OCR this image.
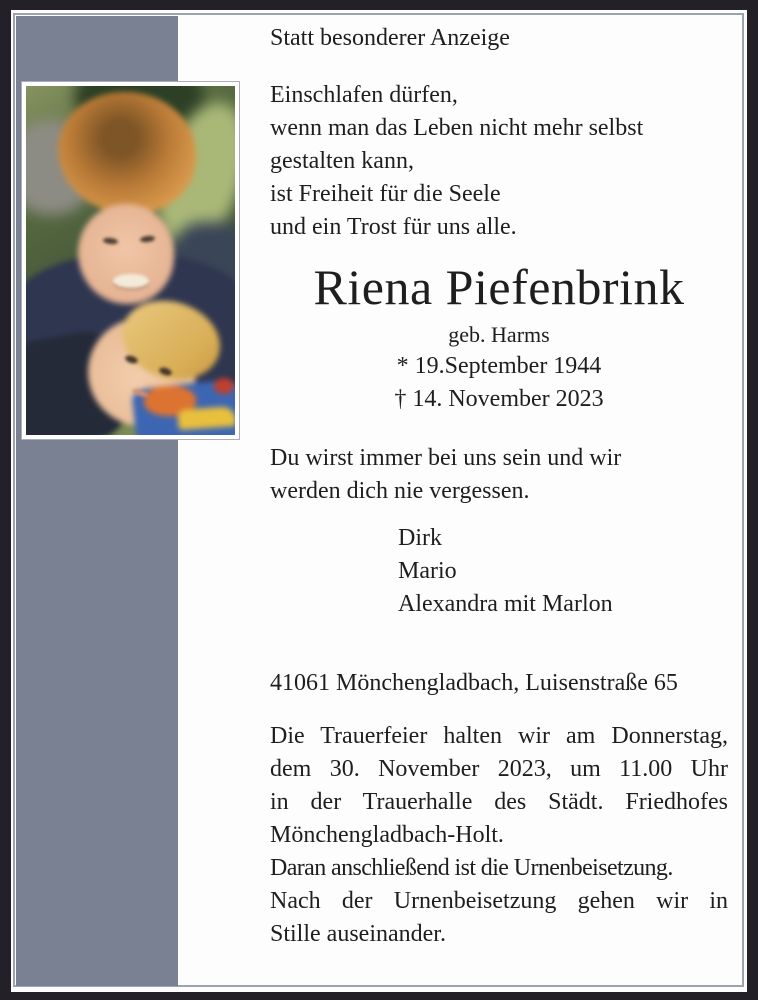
Statt besonderer Anzeige
Einschlafen dürfen,
wenn man das Leben nicht mehr selbst
gestalten kann,
ist Freiheit für die Seele
und ein Trost für uns alle.
Riena Piefenbrink
geb. Harms
* 19.September 1944
† 14. November 2023
Du wirst immer bei uns sein und wir
werden dich nie vergessen.
Dirk
Mario
Alexandra mit Marlon
41061 Mönchengladbach, Luisenstraße 65
Die Trauerfeier halten wir am Donnerstag,
dem 30. November 2023, um 11.00 Uhr
in der Trauerhalle des Städt. Friedhofes
Mönchengladbach-Holt.
Daran anschließend ist die Urnenbeisetzung.
Nach der Urnenbeisetzung gehen wir in
Stille auseinander.
